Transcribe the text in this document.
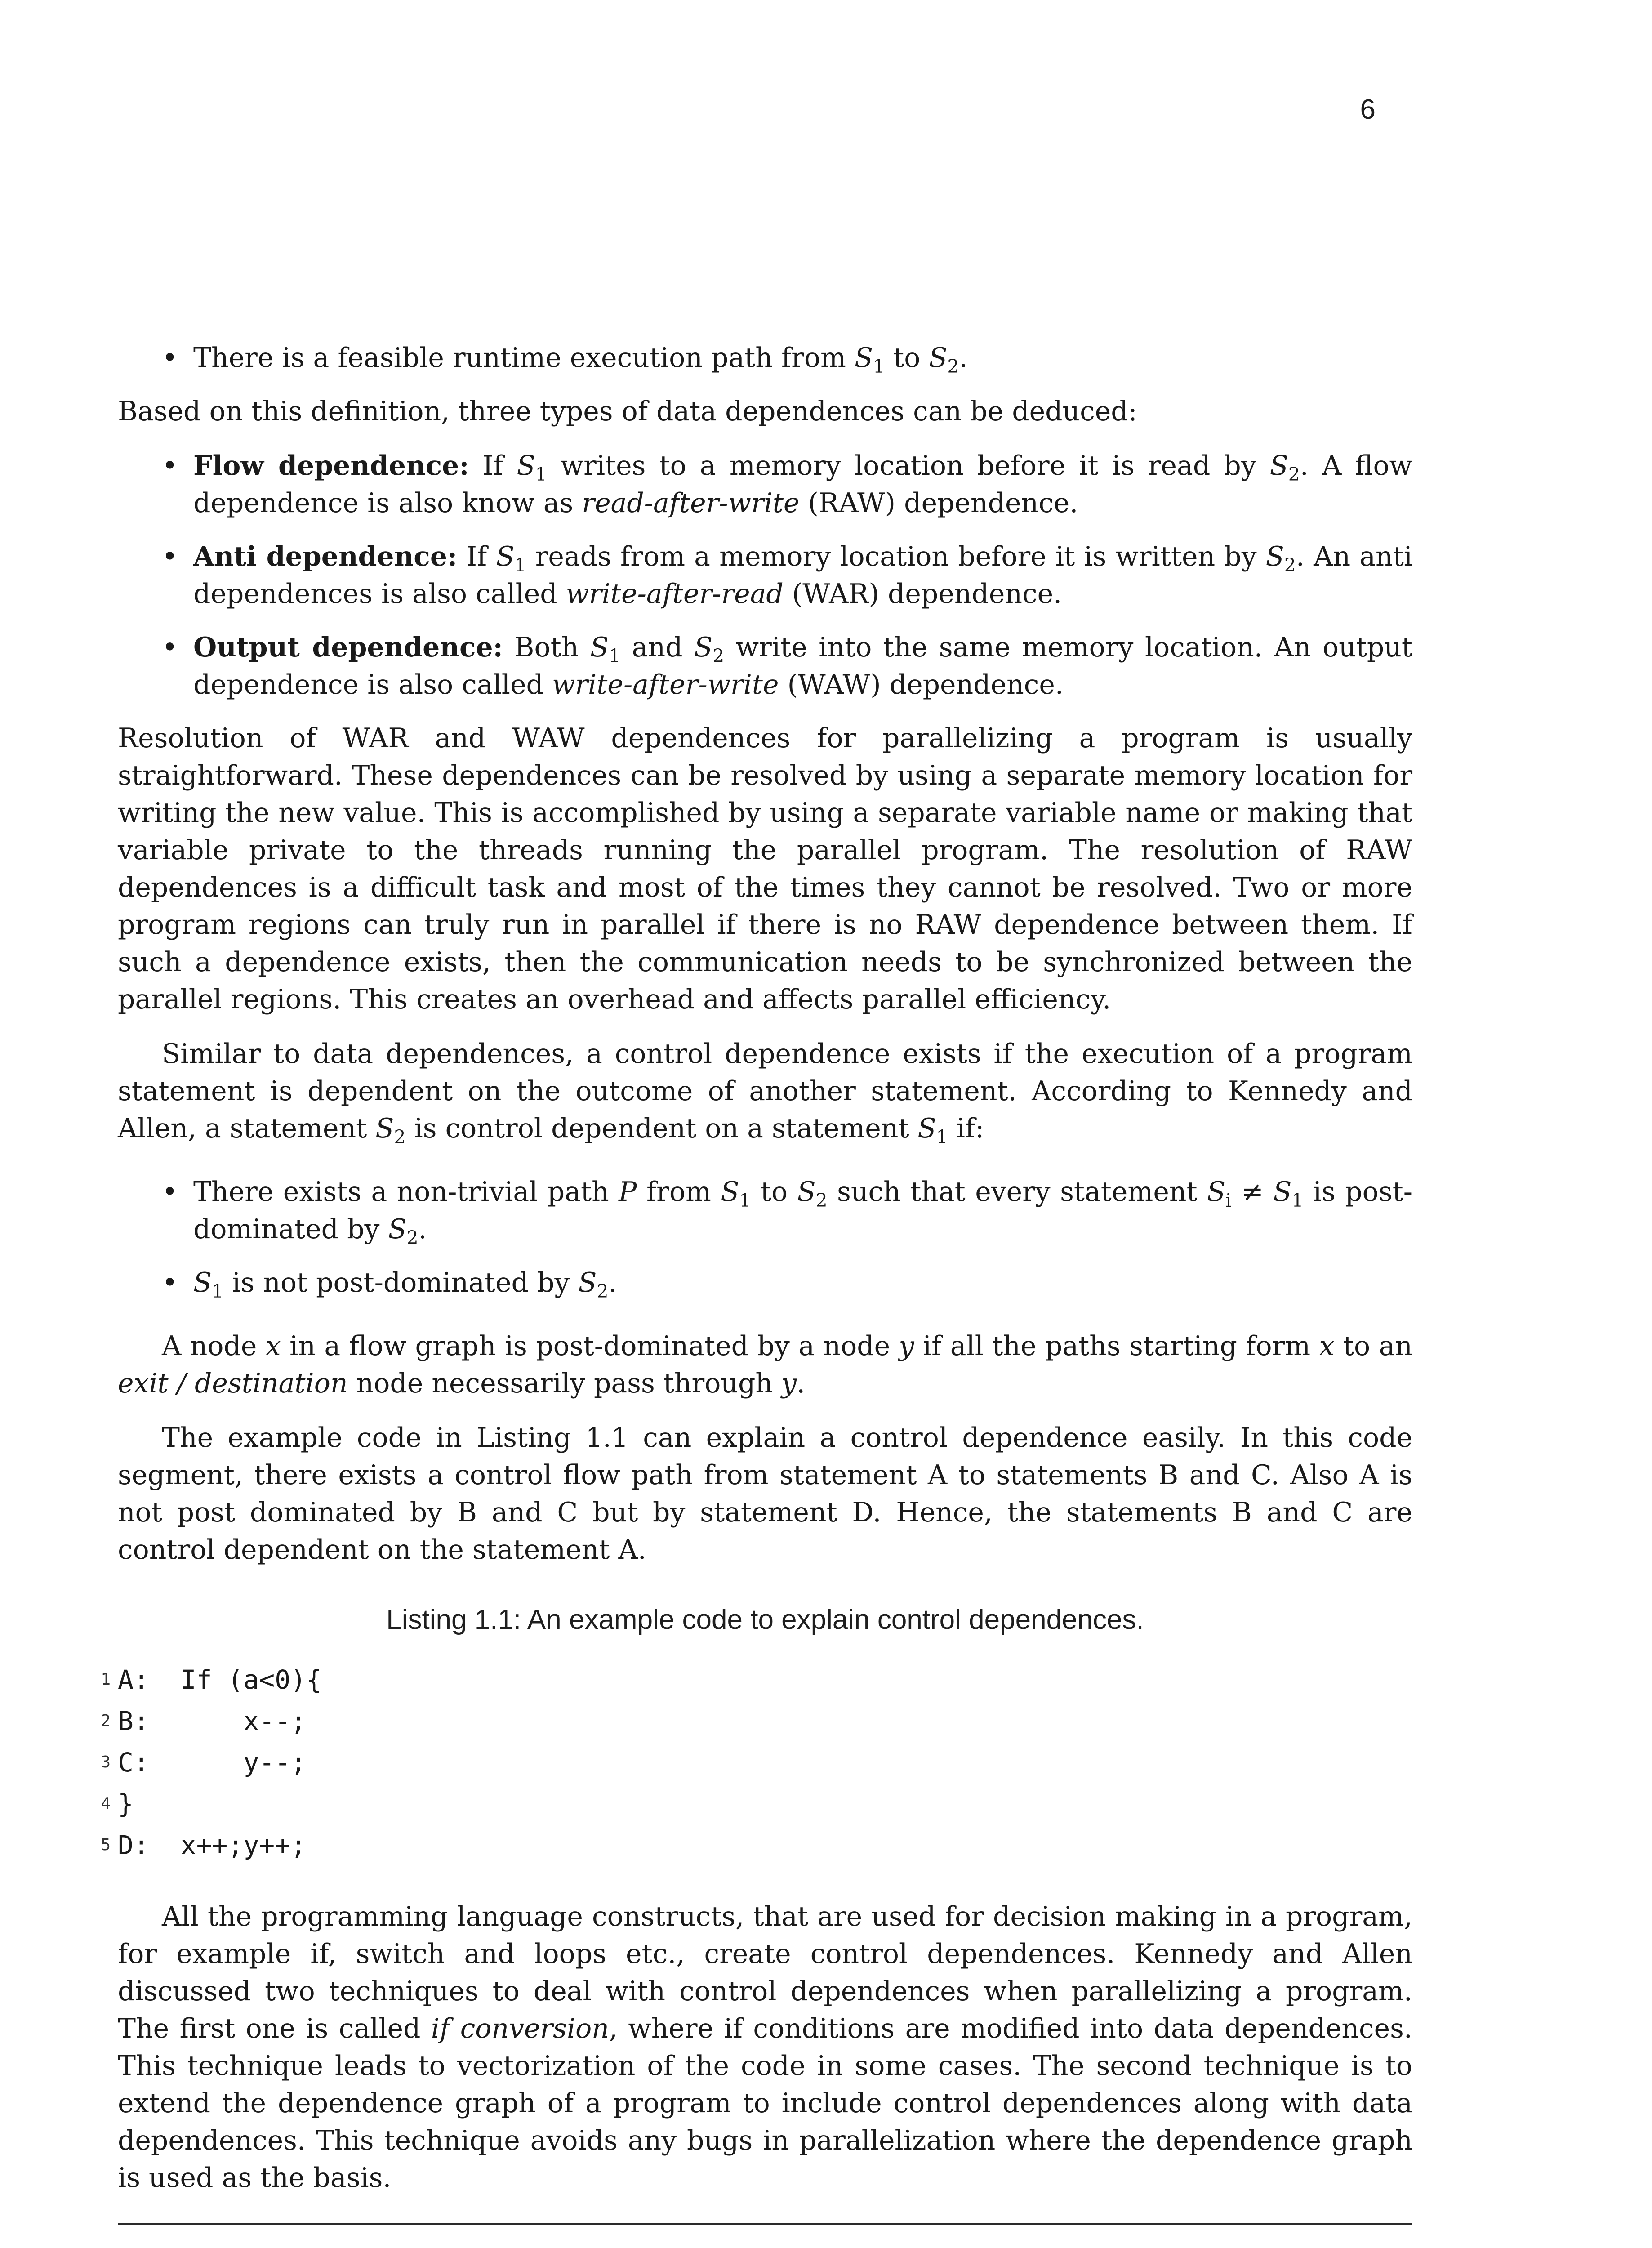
6
• There is a feasible runtime execution path from $S_1$ to $S_2$.

Based on this definition, three types of data dependences can be deduced:

• Flow dependence: If $S_1$ writes to a memory location before it is read by $S_2$. A flow dependence is also know as read-after-write (RAW) dependence.
• Anti dependence: If $S_1$ reads from a memory location before it is written by $S_2$. An anti dependences is also called write-after-read (WAR) dependence.
• Output dependence: Both $S_1$ and $S_2$ write into the same memory location. An output dependence is also called write-after-write (WAW) dependence.

Resolution of WAR and WAW dependences for parallelizing a program is usually straightforward. These dependences can be resolved by using a separate memory location for writing the new value. This is accomplished by using a separate variable name or making that variable private to the threads running the parallel program. The resolution of RAW dependences is a difficult task and most of the times they cannot be resolved. Two or more program regions can truly run in parallel if there is no RAW dependence between them. If such a dependence exists, then the communication needs to be synchronized between the parallel regions. This creates an overhead and affects parallel efficiency.

Similar to data dependences, a control dependence exists if the execution of a program statement is dependent on the outcome of another statement. According to Kennedy and Allen, a statement $S_2$ is control dependent on a statement $S_1$ if:

• There exists a non-trivial path P from $S_1$ to $S_2$ such that every statement $S_i \ne S_1$ is post-dominated by $S_2$.
• $S_1$ is not post-dominated by $S_2$.

A node x in a flow graph is post-dominated by a node y if all the paths starting form x to an exit / destination node necessarily pass through y.

The example code in Listing 1.1 can explain a control dependence easily. In this code segment, there exists a control flow path from statement A to statements B and C. Also A is not post dominated by B and C but by statement D. Hence, the statements B and C are control dependent on the statement A.

Listing 1.1: An example code to explain control dependences.
1 A:  If (a<0){
2 B:      x--;
3 C:      y--;
4 }
5 D:  x++;y++;

All the programming language constructs, that are used for decision making in a program, for example if, switch and loops etc., create control dependences. Kennedy and Allen discussed two techniques to deal with control dependences when parallelizing a program. The first one is called if conversion, where if conditions are modified into data dependences. This technique leads to vectorization of the code in some cases. The second technique is to extend the dependence graph of a program to include control dependences along with data dependences. This technique avoids any bugs in parallelization where the dependence graph is used as the basis.
